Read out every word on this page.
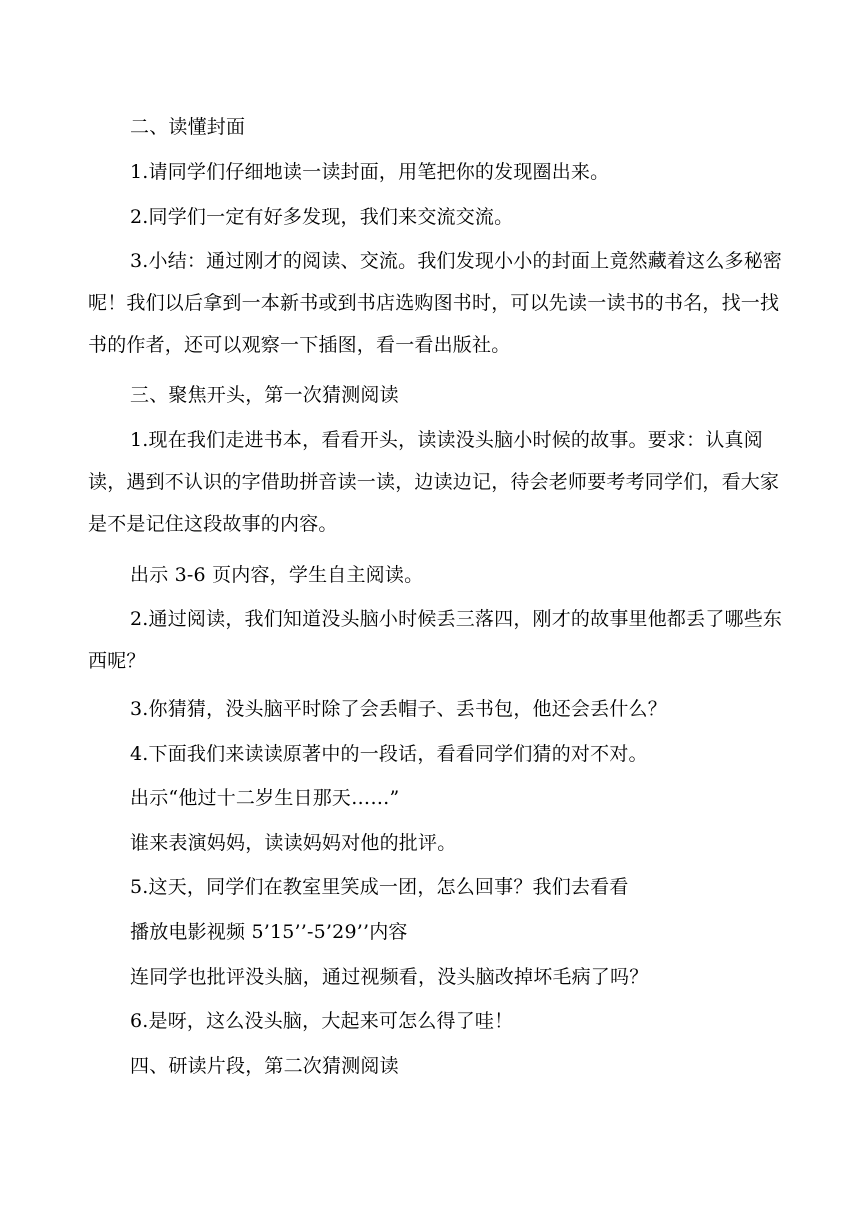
二、读懂封面

1.请同学们仔细地读一读封面，用笔把你的发现圈出来。

2.同学们一定有好多发现，我们来交流交流。

3.小结：通过刚才的阅读、交流。我们发现小小的封面上竟然藏着这么多秘密呢！我们以后拿到一本新书或到书店选购图书时，可以先读一读书的书名，找一找书的作者，还可以观察一下插图，看一看出版社。

三、聚焦开头，第一次猜测阅读

1.现在我们走进书本，看看开头，读读没头脑小时候的故事。要求：认真阅读，遇到不认识的字借助拼音读一读，边读边记，待会老师要考考同学们，看大家是不是记住这段故事的内容。

出示 3-6 页内容，学生自主阅读。

2.通过阅读，我们知道没头脑小时候丢三落四，刚才的故事里他都丢了哪些东西呢？

3.你猜猜，没头脑平时除了会丢帽子、丢书包，他还会丢什么？

4.下面我们来读读原著中的一段话，看看同学们猜的对不对。

出示“他过十二岁生日那天……”

谁来表演妈妈，读读妈妈对他的批评。

5.这天，同学们在教室里笑成一团，怎么回事？我们去看看

播放电影视频 5’15’’-5’29’’内容

连同学也批评没头脑，通过视频看，没头脑改掉坏毛病了吗？

6.是呀，这么没头脑，大起来可怎么得了哇！

四、研读片段，第二次猜测阅读
